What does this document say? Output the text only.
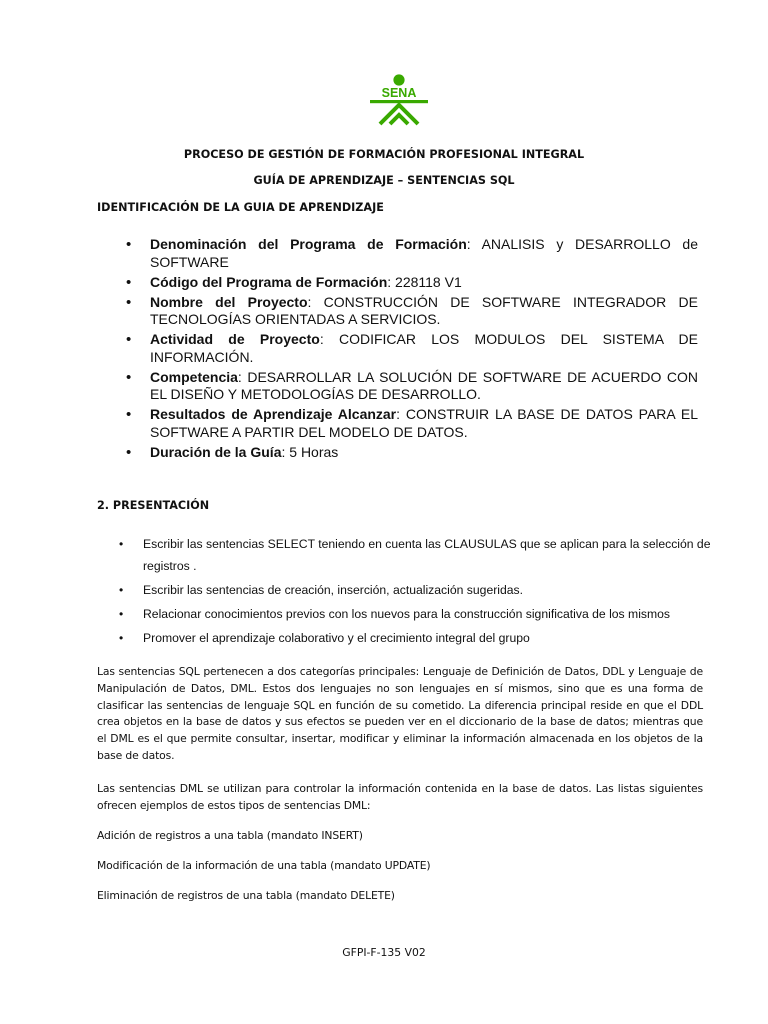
SENA
PROCESO DE GESTIÓN DE FORMACIÓN PROFESIONAL INTEGRAL
GUÍA DE APRENDIZAJE – SENTENCIAS SQL
IDENTIFICACIÓN DE LA GUIA DE APRENDIZAJE
• Denominación del Programa de Formación: ANALISIS y DESARROLLO de SOFTWARE
• Código del Programa de Formación: 228118 V1
• Nombre del Proyecto: CONSTRUCCIÓN DE SOFTWARE INTEGRADOR DE TECNOLOGÍAS ORIENTADAS A SERVICIOS.
• Actividad de Proyecto: CODIFICAR LOS MODULOS DEL SISTEMA DE INFORMACIÓN.
• Competencia: DESARROLLAR LA SOLUCIÓN DE SOFTWARE DE ACUERDO CON EL DISEÑO Y METODOLOGÍAS DE DESARROLLO.
• Resultados de Aprendizaje Alcanzar: CONSTRUIR LA BASE DE DATOS PARA EL SOFTWARE A PARTIR DEL MODELO DE DATOS.
• Duración de la Guía: 5 Horas
2. PRESENTACIÓN
• Escribir las sentencias SELECT teniendo en cuenta las CLAUSULAS que se aplican para la selección de registros .
• Escribir las sentencias de creación, inserción, actualización sugeridas.
• Relacionar conocimientos previos con los nuevos para la construcción significativa de los mismos
• Promover el aprendizaje colaborativo y el crecimiento integral del grupo

Las sentencias SQL pertenecen a dos categorías principales: Lenguaje de Definición de Datos, DDL y Lenguaje de Manipulación de Datos, DML. Estos dos lenguajes no son lenguajes en sí mismos, sino que es una forma de clasificar las sentencias de lenguaje SQL en función de su cometido. La diferencia principal reside en que el DDL crea objetos en la base de datos y sus efectos se pueden ver en el diccionario de la base de datos; mientras que el DML es el que permite consultar, insertar, modificar y eliminar la información almacenada en los objetos de la base de datos.

Las sentencias DML se utilizan para controlar la información contenida en la base de datos. Las listas siguientes ofrecen ejemplos de estos tipos de sentencias DML:

Adición de registros a una tabla (mandato INSERT)
Modificación de la información de una tabla (mandato UPDATE)
Eliminación de registros de una tabla (mandato DELETE)
GFPI-F-135 V02
